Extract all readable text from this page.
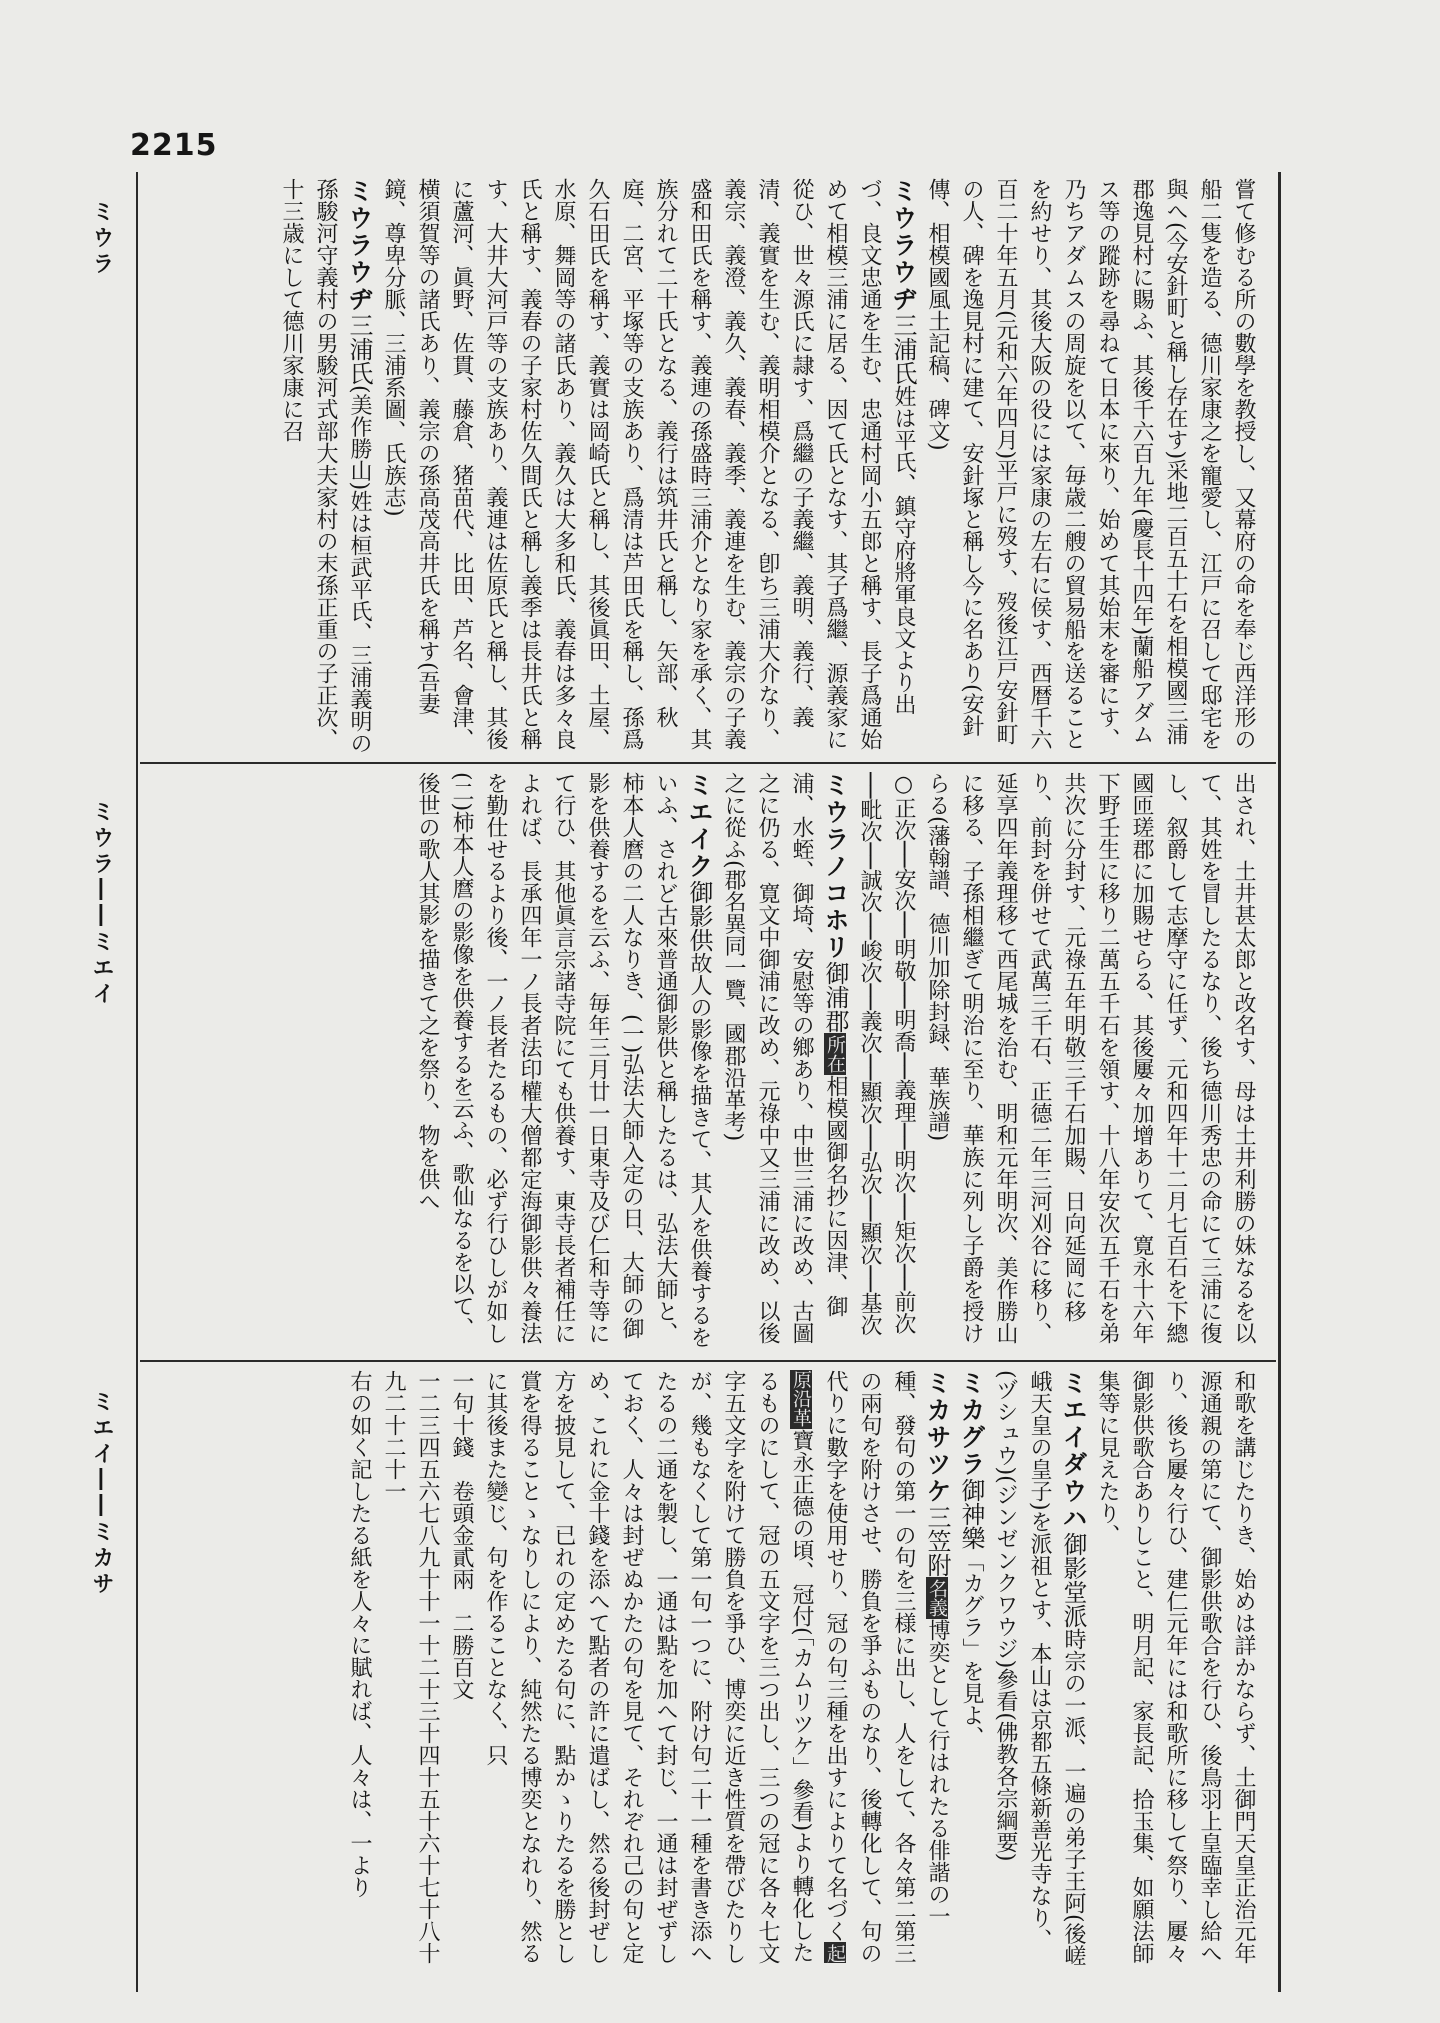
2215
ミウラ
ミウラ――ミエイ
ミエイ――ミカサ

嘗て修むる所の數學を教授し、又幕府の命を奉じ西洋形の船二隻を造る、德川家康之を寵愛し、江戸に召して邸宅を與へ(今安針町と稱し存在す)采地二百五十石を相模國三浦郡逸見村に賜ふ、其後千六百九年(慶長十四年)蘭船アダムス等の蹤跡を尋ねて日本に來り、始めて其始末を審にす、乃ちアダムスの周旋を以て、毎歳二艘の貿易船を送ることを約せり、其後大阪の役には家康の左右に侯す、西暦千六百二十年五月(元和六年四月)平戸に歿す、歿後江戸安針町の人、碑を逸見村に建て、安針塚と稱し今に名あり(安針傳、相模國風土記稿、碑文)

ミウラウヂ三浦氏姓は平氏、鎮守府將軍良文より出づ、良文忠通を生む、忠通村岡小五郎と稱す、長子爲通始めて相模三浦に居る、因て氏となす、其子爲繼、源義家に從ひ、世々源氏に隷す、爲繼の子義繼、義明、義行、義清、義實を生む、義明相模介となる、卽ち三浦大介なり、義宗、義澄、義久、義春、義季、義連を生む、義宗の子義盛和田氏を稱す、義連の孫盛時三浦介となり家を承く、其族分れて二十氏となる、義行は筑井氏と稱し、矢部、秋庭、二宮、平塚等の支族あり、爲清は芦田氏を稱し、孫爲久石田氏を稱す、義實は岡崎氏と稱し、其後眞田、土屋、水原、舞岡等の諸氏あり、義久は大多和氏、義春は多々良氏と稱す、義春の子家村佐久間氏と稱し義季は長井氏と稱す、大井大河戸等の支族あり、義連は佐原氏と稱し、其後に蘆河、眞野、佐貫、藤倉、猪苗代、比田、芦名、會津、横須賀等の諸氏あり、義宗の孫高茂高井氏を稱す(吾妻鏡、尊卑分脈、三浦系圖、氏族志)

ミウラウヂ三浦氏(美作勝山)姓は桓武平氏、三浦義明の孫駿河守義村の男駿河式部大夫家村の末孫正重の子正次、十三歳にして德川家康に召

出され、土井甚太郎と改名す、母は土井利勝の妹なるを以て、其姓を冒したるなり、後ち德川秀忠の命にて三浦に復し、叙爵して志摩守に任ず、元和四年十二月七百石を下總國匝瑳郡に加賜せらる、其後屢々加增ありて、寛永十六年下野壬生に移り二萬五千石を領す、十八年安次五千石を弟共次に分封す、元祿五年明敬三千石加賜、日向延岡に移り、前封を併せて武萬三千石、正德二年三河刈谷に移り、延享四年義理移て西尾城を治む、明和元年明次、美作勝山に移る、子孫相繼ぎて明治に至り、華族に列し子爵を授けらる(藩翰譜、德川加除封録、華族譜)

○正次──安次──明敬──明喬──義理──明次──矩次──前次──毗次──誠次──峻次──義次──顯次──弘次──顯次──基次

ミウラノコホリ御浦郡所在相模國御名抄に因津、御浦、水蛭、御埼、安慰等の鄉あり、中世三浦に改め、古圖之に仍る、寛文中御浦に改め、元祿中又三浦に改め、以後之に從ふ(郡名異同一覽、國郡沿革考)

ミエイク御影供故人の影像を描きて、其人を供養するをいふ、されど古來普通御影供と稱したるは、弘法大師と、柿本人麿の二人なりき、(一)弘法大師入定の日、大師の御影を供養するを云ふ、毎年三月廿一日東寺及び仁和寺等にて行ひ、其他眞言宗諸寺院にても供養す、東寺長者補任によれば、長承四年一ノ長者法印權大僧都定海御影供々養法を勤仕せるより後、一ノ長者たるもの、必ず行ひしが如し(二)柿本人麿の影像を供養するを云ふ、歌仙なるを以て、後世の歌人其影を描きて之を祭り、物を供へ

和歌を講じたりき、始めは詳かならず、土御門天皇正治元年源通親の第にて、御影供歌合を行ひ、後鳥羽上皇臨幸し給へり、後ち屢々行ひ、建仁元年には和歌所に移して祭り、屢々御影供歌合ありしこと、明月記、家長記、拾玉集、如願法師集等に見えたり、

ミエイダウハ御影堂派時宗の一派、一遍の弟子王阿(後嵯峨天皇の皇子)を派祖とす、本山は京都五條新善光寺なり、(ヅシュウ)(ジンゼンクワウジ)參看(佛教各宗綱要)

ミカグラ御神樂「カグラ」を見よ、

ミカサツケ三笠附名義博奕として行はれたる俳諧の一種、發句の第一の句を三様に出し、人をして、各々第二第三の兩句を附けさせ、勝負を爭ふものなり、後轉化して、句の代りに數字を使用せり、冠の句三種を出すによりて名づく起原沿革寶永正德の頃、冠付(「カムリツケ」參看)より轉化したるものにして、冠の五文字を三つ出し、三つの冠に各々七文字五文字を附けて勝負を爭ひ、博奕に近き性質を帶びたりしが、幾もなくして第一句一つに、附け句二十一種を書き添へたるの二通を製し、一通は點を加へて封じ、一通は封ぜずしておく、人々は封ぜぬかたの句を見て、それぞれ己の句と定め、これに金十錢を添へて點者の許に遣ばし、然る後封ぜし方を披見して、已れの定めたる句に、點かゝりたるを勝とし賞を得ることゝなりしにより、純然たる博奕となれり、然るに其後また變じ、句を作ることなく、只

一句十錢　卷頭金貳兩　二勝百文

一二三四五六七八九十十一十二十三十四十五十六十七十八十九二十二十一

右の如く記したる紙を人々に賦れば、人々は、一より
